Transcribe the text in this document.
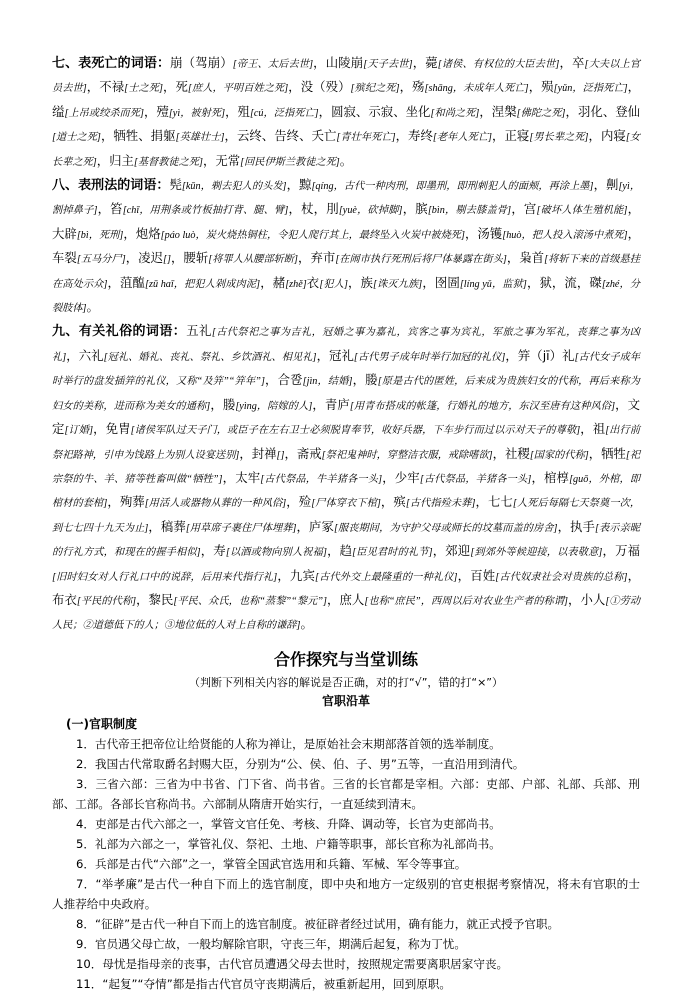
七、表死亡的词语：崩（驾崩）[帝王、太后去世]，山陵崩[天子去世]，薨[诸侯、有权位的大臣去世]，卒[大夫以上官员去世]，不禄[士之死]，死[庶人，平明百姓之死]，没（殁）[殡纪之死]，殇[shāng，未成年人死亡]，殒[yǔn，泛指死亡]，缢[上吊或绞杀而死]，殪[yì，被射死]，殂[cú，泛指死亡]，圆寂、示寂、坐化[和尚之死]，涅槃[佛陀之死]，羽化、登仙[道士之死]，牺牲、捐躯[英雄壮士]，云终、告终、夭亡[青壮年死亡]，寿终[老年人死亡]，正寝[男长辈之死]，内寝[女长辈之死]，归主[基督教徒之死]，无常[回民伊斯兰教徒之死]。

八、表刑法的词语：髡[kūn，剃去犯人的头发]，黥[qíng，古代一种肉刑，即墨刑，即刑刺犯人的面颊，再涂上墨]，劓[yì，割掉鼻子]，笞[chī，用荆条或竹板抽打背、腿、臂]，杖，刖[yuè，砍掉脚]，膑[bìn，剔去膝盖骨]，宫[破坏人体生殖机能]，大辟[bì，死刑]，炮烙[páo luò，炭火烧热铜柱，令犯人爬行其上，最终坠入火炭中被烧死]，汤镬[huò，把人投入滚汤中煮死]，车裂[五马分尸]，凌迟[]，腰斩[将罪人从腰部斩断]，弃市[在闹市执行死刑后将尸体暴露在街头]，枭首[将斩下来的首级悬挂在高处示众]，菹醢[zū haī，把犯人剁成肉泥]，赭[zhě]衣[犯人]，族[诛灭九族]，囹圄[líng yǔ，监狱]，狱，流，磔[zhé，分裂肢体]。

九、有关礼俗的词语：五礼[古代祭祀之事为吉礼，冠婚之事为嘉礼，宾客之事为宾礼，军旅之事为军礼，丧葬之事为凶礼]，六礼[冠礼、婚礼、丧礼、祭礼、乡饮酒礼、相见礼]，冠礼[古代男子成年时举行加冠的礼仪]，笄（jī）礼[古代女子成年时举行的盘发插笄的礼仪，又称“及笄”“笄年”]，合卺[jìn，结婚]，媵[原是古代的匿姓，后来成为贵族妇女的代称，再后来称为妇女的美称，进而称为美女的通称]，媵[yìng，陪嫁的人]，青庐[用青布搭成的帐篷，行婚礼的地方，东汉至唐有这种风俗]，文定[订婚]，免胄[诸侯军队过天子门，或臣子在左右卫士必须脱胄奉节，收好兵器，下车步行而过以示对天子的尊敬]，祖[出行前祭祀路神，引申为饯路上为别人设宴送别]，封禅[]，斋戒[祭祀鬼神时，穿整洁衣服，戒除嗜欲]，社稷[国家的代称]，牺牲[祀宗祭的牛、羊、猪等牲畜叫做“牺牲”]，太牢[古代祭品，牛羊猪各一头]，少牢[古代祭品，羊猪各一头]，棺椁[guō，外棺，即棺材的套棺]，殉葬[用活人或器物从葬的一种风俗]，殓[尸体穿衣下棺]，殡[古代指殓未葬]，七七[人死后每隔七天祭奠一次，到七七四十九天为止]，稿葬[用草席子裹住尸体埋葬]，庐冢[服丧期间，为守护父母或师长的坟墓而盖的房舍]，执手[表示亲昵的行礼方式，和现在的握手相似]，寿[以酒或物向别人祝福]，趋[臣见君时的礼节]，郊迎[到郊外等候迎接，以表敬意]，万福[旧时妇女对人行礼口中的说辞，后用来代指行礼]，九宾[古代外交上最隆重的一种礼仪]，百姓[古代奴隶社会对贵族的总称]，布衣[平民的代称]，黎民[平民、众氏，也称“蒸黎”“黎元”]，庶人[也称“庶民”，西周以后对农业生产者的称谓]，小人[①劳动人民；②道德低下的人；③地位低的人对上自称的谦辞]。

合作探究与当堂训练
（判断下列相关内容的解说是否正确，对的打“√”，错的打“×”）
官职沿革
(一)官职制度

1．古代帝王把帝位让给贤能的人称为禅让，是原始社会末期部落首领的选举制度。

2．我国古代常取爵名封赐大臣，分别为“公、侯、伯、子、男”五等，一直沿用到清代。

3．三省六部：三省为中书省、门下省、尚书省。三省的长官都是宰相。六部：吏部、户部、礼部、兵部、刑部、工部。各部长官称尚书。六部制从隋唐开始实行，一直延续到清末。

4．吏部是古代六部之一，掌管文官任免、考核、升降、调动等，长官为吏部尚书。

5．礼部为六部之一，掌管礼仪、祭祀、土地、户籍等职事，部长官称为礼部尚书。

6．兵部是古代“六部”之一，掌管全国武官选用和兵籍、军械、军令等事宜。

7．“举孝廉”是古代一种自下而上的选官制度，即中央和地方一定级别的官吏根据考察情况，将未有官职的士人推荐给中央政府。

8．“征辟”是古代一种自下而上的选官制度。被征辟者经过试用，确有能力，就正式授予官职。

9．官员遇父母亡故，一般均解除官职，守丧三年，期满后起复，称为丁忧。

10．母忧是指母亲的丧事，古代官员遭遇父母去世时，按照规定需要离职居家守丧。

11．“起复”“夺情”都是指古代官员守丧期满后，被重新起用，回到原职。
